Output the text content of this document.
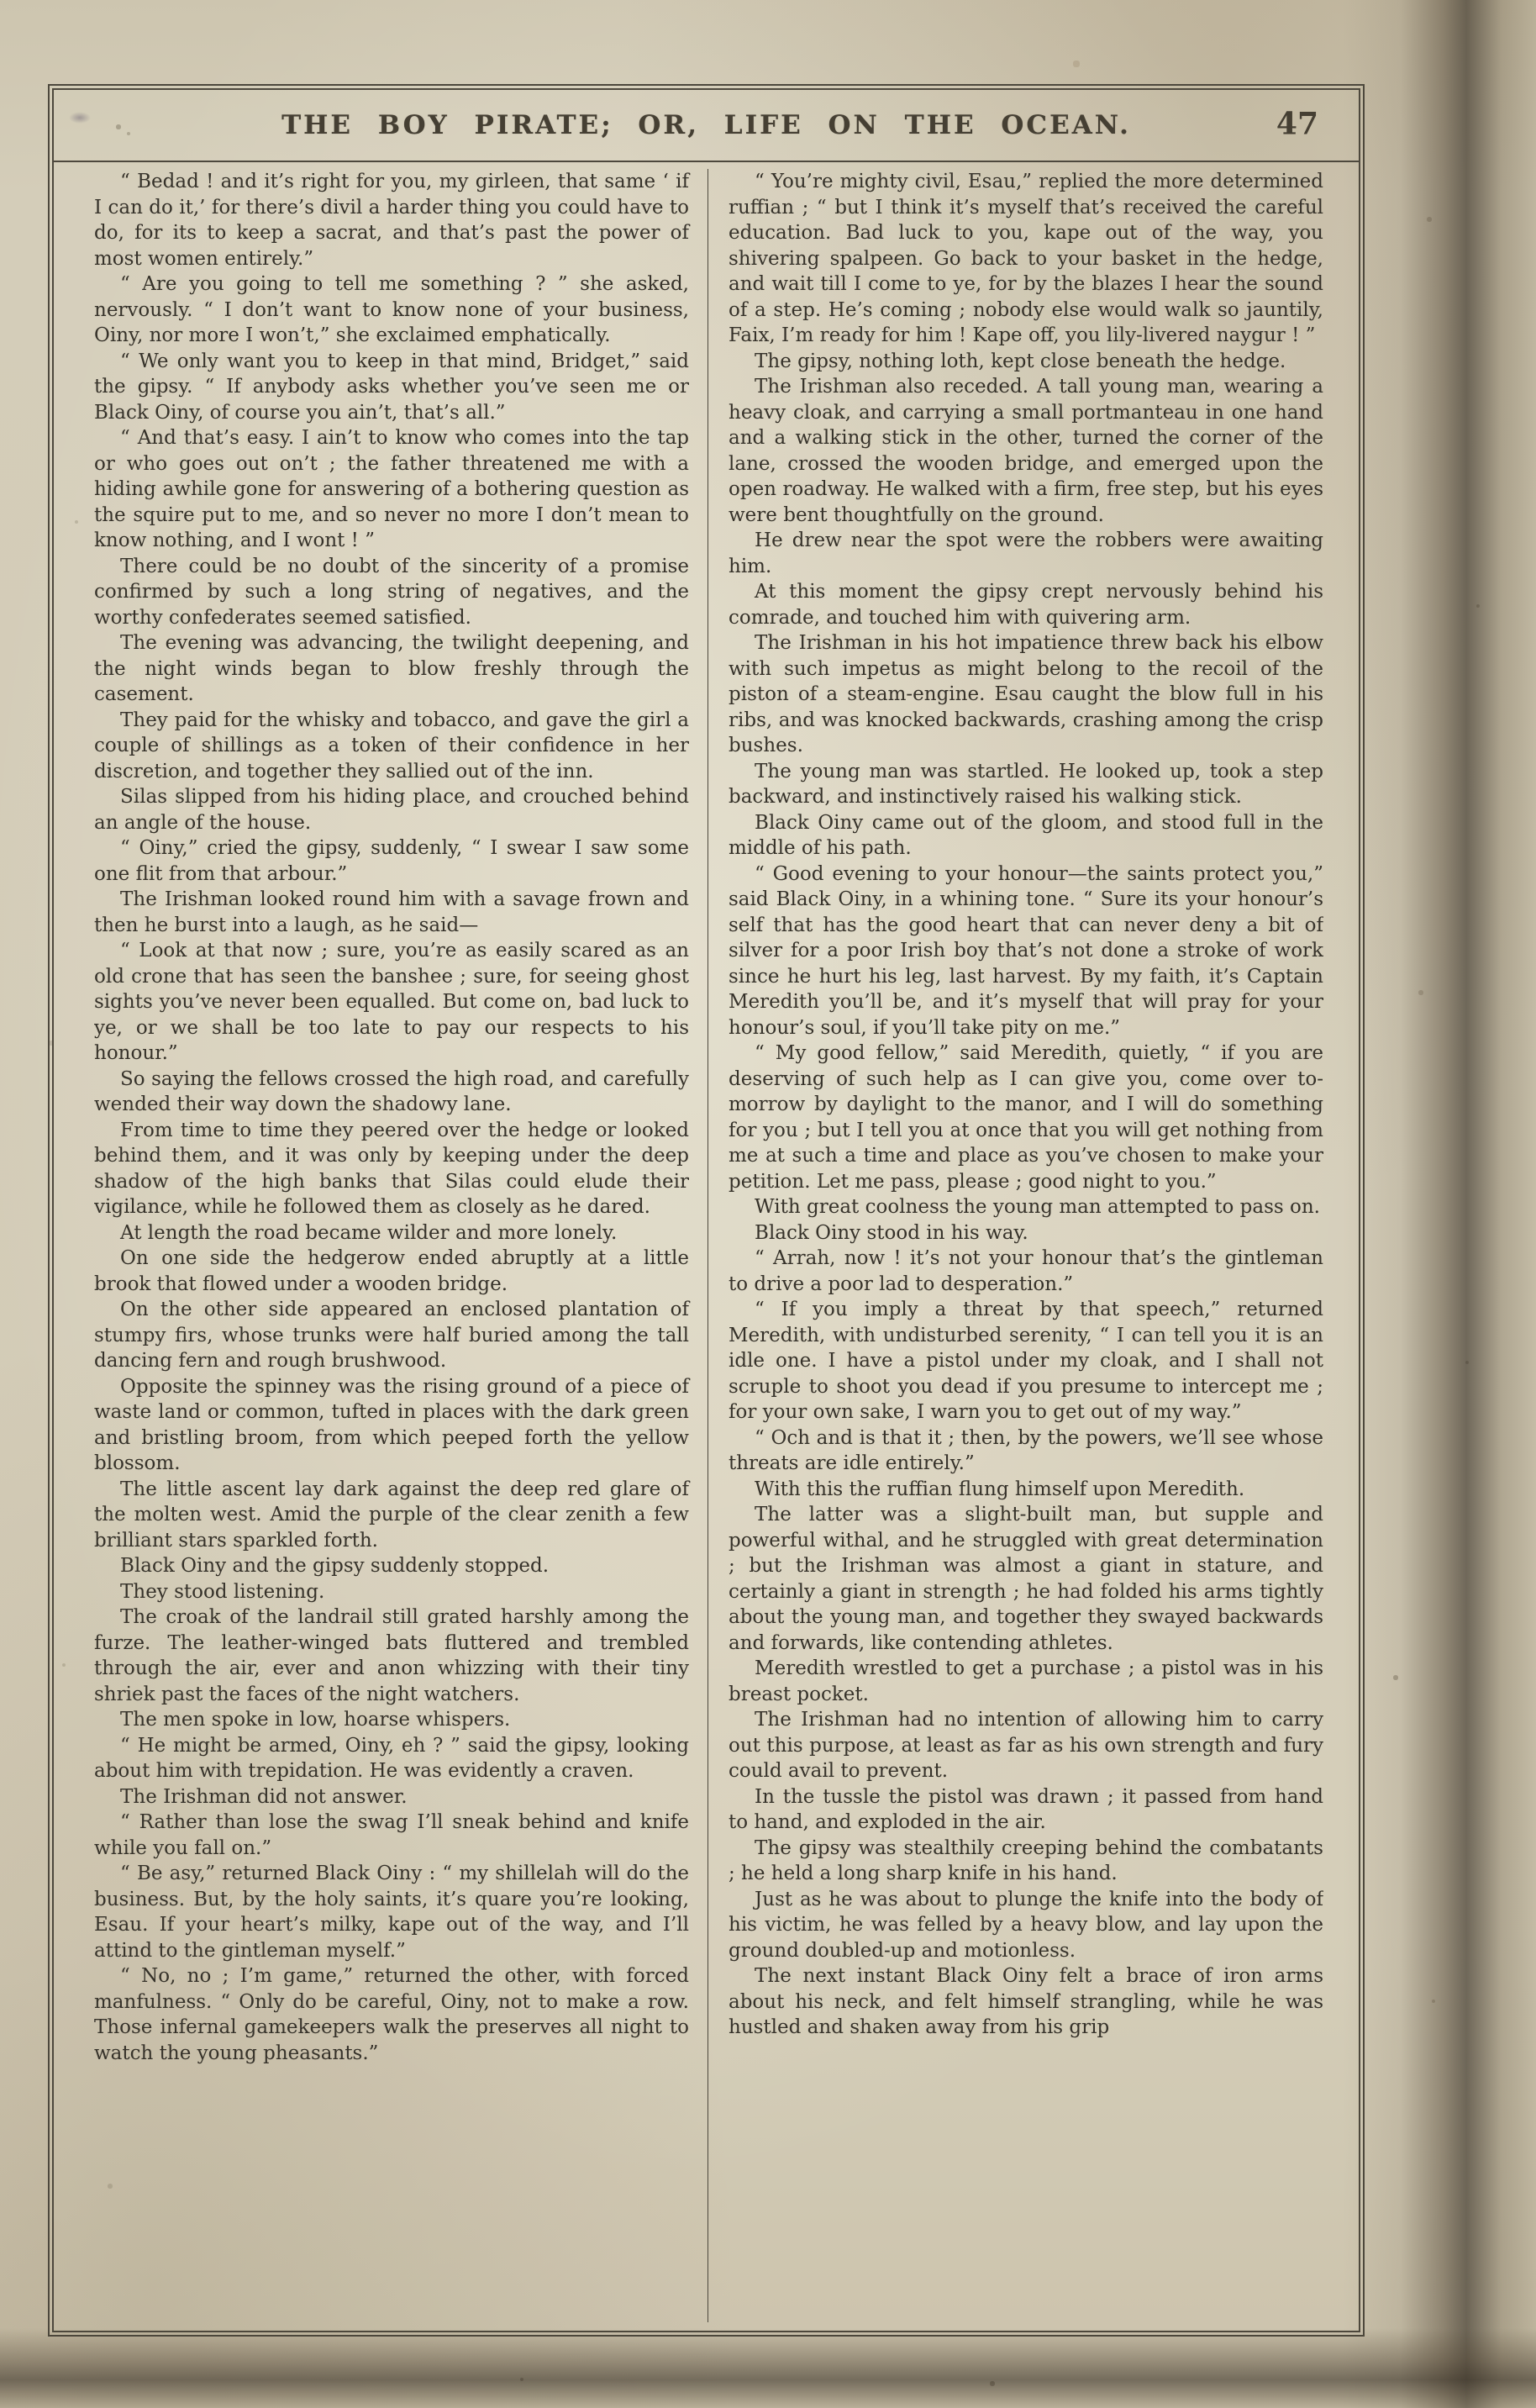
THE BOY PIRATE; OR, LIFE ON THE OCEAN.	47

“ Bedad ! and it’s right for you, my girleen, that same ‘ if I can do it,’ for there’s divil a harder thing you could have to do, for its to keep a sacrat, and that’s past the power of most women entirely.”

“ Are you going to tell me something ? ” she asked, nervously. “ I don’t want to know none of your business, Oiny, nor more I won’t,” she exclaimed emphatically.

“ We only want you to keep in that mind, Bridget,” said the gipsy. “ If anybody asks whether you’ve seen me or Black Oiny, of course you ain’t, that’s all.”

“ And that’s easy. I ain’t to know who comes into the tap or who goes out on’t ; the father threatened me with a hiding awhile gone for answering of a bothering question as the squire put to me, and so never no more I don’t mean to know nothing, and I wont ! ”

There could be no doubt of the sincerity of a promise confirmed by such a long string of negatives, and the worthy confederates seemed satisfied.

The evening was advancing, the twilight deepening, and the night winds began to blow freshly through the casement.

They paid for the whisky and tobacco, and gave the girl a couple of shillings as a token of their confidence in her discretion, and together they sallied out of the inn.

Silas slipped from his hiding place, and crouched behind an angle of the house.

“ Oiny,” cried the gipsy, suddenly, “ I swear I saw some one flit from that arbour.”

The Irishman looked round him with a savage frown and then he burst into a laugh, as he said—

“ Look at that now ; sure, you’re as easily scared as an old crone that has seen the banshee ; sure, for seeing ghost sights you’ve never been equalled. But come on, bad luck to ye, or we shall be too late to pay our respects to his honour.”

So saying the fellows crossed the high road, and carefully wended their way down the shadowy lane.

From time to time they peered over the hedge or looked behind them, and it was only by keeping under the deep shadow of the high banks that Silas could elude their vigilance, while he followed them as closely as he dared.

At length the road became wilder and more lonely.

On one side the hedgerow ended abruptly at a little brook that flowed under a wooden bridge.

On the other side appeared an enclosed plantation of stumpy firs, whose trunks were half buried among the tall dancing fern and rough brushwood.

Opposite the spinney was the rising ground of a piece of waste land or common, tufted in places with the dark green and bristling broom, from which peeped forth the yellow blossom.

The little ascent lay dark against the deep red glare of the molten west. Amid the purple of the clear zenith a few brilliant stars sparkled forth.

Black Oiny and the gipsy suddenly stopped.

They stood listening.

The croak of the landrail still grated harshly among the furze. The leather-winged bats fluttered and trembled through the air, ever and anon whizzing with their tiny shriek past the faces of the night watchers.

The men spoke in low, hoarse whispers.

“ He might be armed, Oiny, eh ? ” said the gipsy, looking about him with trepidation. He was evidently a craven.

The Irishman did not answer.

“ Rather than lose the swag I’ll sneak behind and knife while you fall on.”

“ Be asy,” returned Black Oiny : “ my shillelah will do the business. But, by the holy saints, it’s quare you’re looking, Esau. If your heart’s milky, kape out of the way, and I’ll attind to the gintleman myself.”

“ No, no ; I’m game,” returned the other, with forced manfulness. “ Only do be careful, Oiny, not to make a row. Those infernal gamekeepers walk the preserves all night to watch the young pheasants.”

“ You’re mighty civil, Esau,” replied the more determined ruffian ; “ but I think it’s myself that’s received the careful education. Bad luck to you, kape out of the way, you shivering spalpeen. Go back to your basket in the hedge, and wait till I come to ye, for by the blazes I hear the sound of a step. He’s coming ; nobody else would walk so jauntily, Faix, I’m ready for him ! Kape off, you lily-livered naygur ! ”

The gipsy, nothing loth, kept close beneath the hedge.

The Irishman also receded. A tall young man, wearing a heavy cloak, and carrying a small portmanteau in one hand and a walking stick in the other, turned the corner of the lane, crossed the wooden bridge, and emerged upon the open roadway. He walked with a firm, free step, but his eyes were bent thoughtfully on the ground.

He drew near the spot were the robbers were awaiting him.

At this moment the gipsy crept nervously behind his comrade, and touched him with quivering arm.

The Irishman in his hot impatience threw back his elbow with such impetus as might belong to the recoil of the piston of a steam-engine. Esau caught the blow full in his ribs, and was knocked backwards, crashing among the crisp bushes.

The young man was startled. He looked up, took a step backward, and instinctively raised his walking stick.

Black Oiny came out of the gloom, and stood full in the middle of his path.

“ Good evening to your honour—the saints protect you,” said Black Oiny, in a whining tone. “ Sure its your honour’s self that has the good heart that can never deny a bit of silver for a poor Irish boy that’s not done a stroke of work since he hurt his leg, last harvest. By my faith, it’s Captain Meredith you’ll be, and it’s myself that will pray for your honour’s soul, if you’ll take pity on me.”

“ My good fellow,” said Meredith, quietly, “ if you are deserving of such help as I can give you, come over to-morrow by daylight to the manor, and I will do something for you ; but I tell you at once that you will get nothing from me at such a time and place as you’ve chosen to make your petition. Let me pass, please ; good night to you.”

With great coolness the young man attempted to pass on.

Black Oiny stood in his way.

“ Arrah, now ! it’s not your honour that’s the gintleman to drive a poor lad to desperation.”

“ If you imply a threat by that speech,” returned Meredith, with undisturbed serenity, “ I can tell you it is an idle one. I have a pistol under my cloak, and I shall not scruple to shoot you dead if you presume to intercept me ; for your own sake, I warn you to get out of my way.”

“ Och and is that it ; then, by the powers, we’ll see whose threats are idle entirely.”

With this the ruffian flung himself upon Meredith.

The latter was a slight-built man, but supple and powerful withal, and he struggled with great determination ; but the Irishman was almost a giant in stature, and certainly a giant in strength ; he had folded his arms tightly about the young man, and together they swayed backwards and forwards, like contending athletes.

Meredith wrestled to get a purchase ; a pistol was in his breast pocket.

The Irishman had no intention of allowing him to carry out this purpose, at least as far as his own strength and fury could avail to prevent.

In the tussle the pistol was drawn ; it passed from hand to hand, and exploded in the air.

The gipsy was stealthily creeping behind the combatants ; he held a long sharp knife in his hand.

Just as he was about to plunge the knife into the body of his victim, he was felled by a heavy blow, and lay upon the ground doubled-up and motionless.

The next instant Black Oiny felt a brace of iron arms about his neck, and felt himself strangling, while he was hustled and shaken away from his grip
